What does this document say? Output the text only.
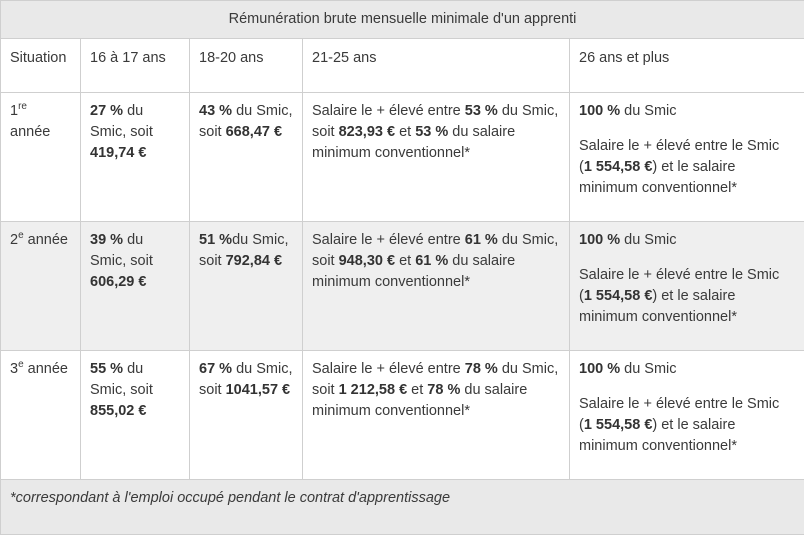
Rémunération brute mensuelle minimale d'un apprenti				
Situation	16 à 17 ans	18-20 ans	21-25 ans	26 ans et plus
1re année	27 % du Smic, soit 419,74 €	43 % du Smic, soit 668,47 €	Salaire le + élevé entre 53 % du Smic, soit 823,93 € et 53 % du salaire minimum conventionnel*	100 % du Smic
Salaire le + élevé entre le Smic (1 554,58 €) et le salaire minimum conventionnel*

2e année	39 % du Smic, soit 606,29 €	51 %du Smic, soit 792,84 €	Salaire le + élevé entre 61 % du Smic, soit 948,30 € et 61 % du salaire minimum conventionnel*	100 % du Smic
Salaire le + élevé entre le Smic (1 554,58 €) et le salaire minimum conventionnel*

3e année	55 % du Smic, soit 855,02 €	67 % du Smic, soit 1041,57 €	Salaire le + élevé entre 78 % du Smic, soit 1 212,58 € et 78 % du salaire minimum conventionnel*	100 % du Smic
Salaire le + élevé entre le Smic (1 554,58 €) et le salaire minimum conventionnel*

*correspondant à l'emploi occupé pendant le contrat d'apprentissage				
